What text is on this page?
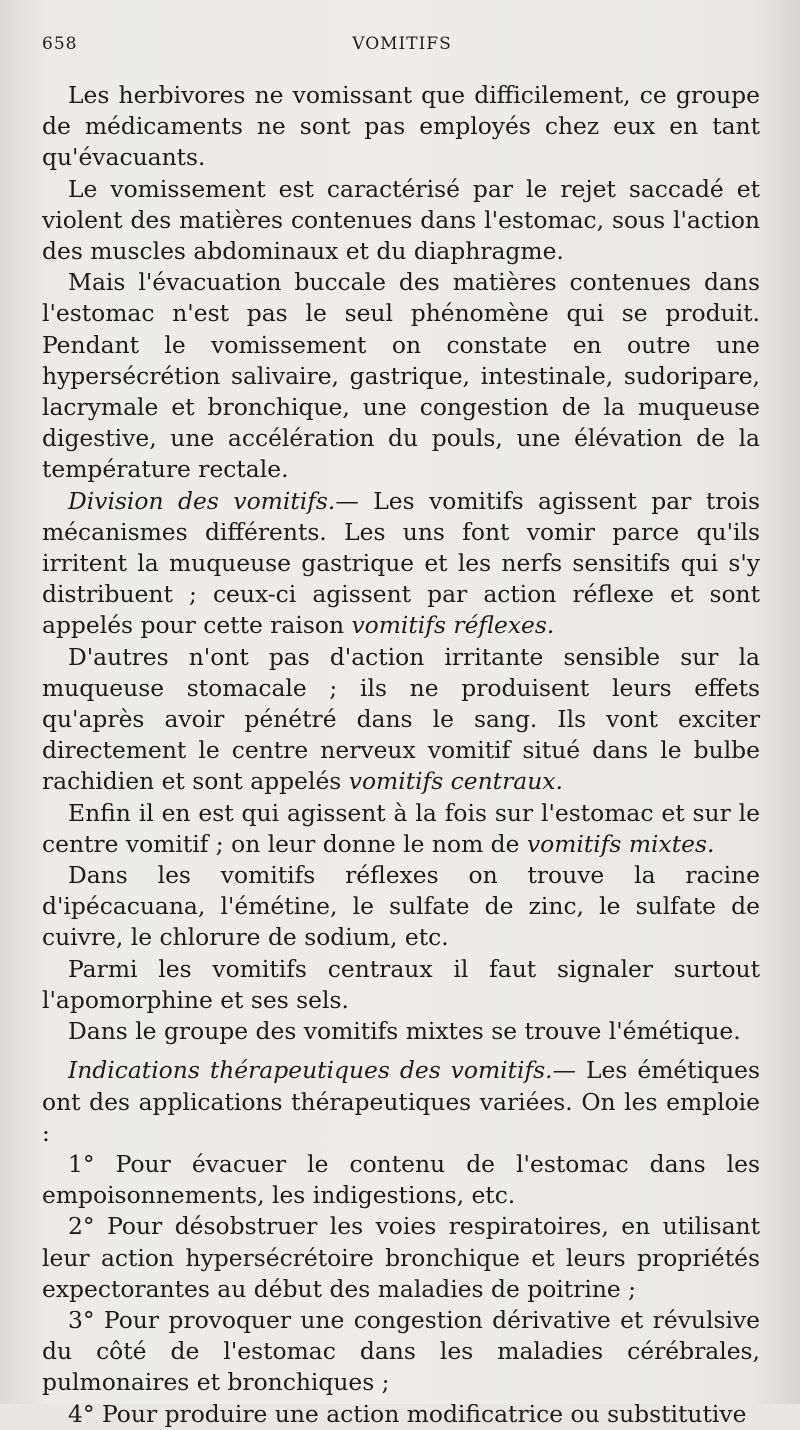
658	VOMITIFS

Les herbivores ne vomissant que difficilement, ce groupe de médicaments ne sont pas employés chez eux en tant qu'évacuants.

Le vomissement est caractérisé par le rejet saccadé et violent des matières contenues dans l'estomac, sous l'action des muscles abdominaux et du diaphragme.

Mais l'évacuation buccale des matières contenues dans l'estomac n'est pas le seul phénomène qui se produit. Pendant le vomissement on constate en outre une hypersécrétion salivaire, gastrique, intestinale, sudoripare, lacrymale et bronchique, une congestion de la muqueuse digestive, une accélération du pouls, une élévation de la température rectale.

Division des vomitifs.— Les vomitifs agissent par trois mécanismes différents. Les uns font vomir parce qu'ils irritent la muqueuse gastrique et les nerfs sensitifs qui s'y distribuent ; ceux-ci agissent par action réflexe et sont appelés pour cette raison vomitifs réflexes.

D'autres n'ont pas d'action irritante sensible sur la muqueuse stomacale ; ils ne produisent leurs effets qu'après avoir pénétré dans le sang. Ils vont exciter directement le centre nerveux vomitif situé dans le bulbe rachidien et sont appelés vomitifs centraux.

Enfin il en est qui agissent à la fois sur l'estomac et sur le centre vomitif ; on leur donne le nom de vomitifs mixtes.

Dans les vomitifs réflexes on trouve la racine d'ipécacuana, l'émétine, le sulfate de zinc, le sulfate de cuivre, le chlorure de sodium, etc.

Parmi les vomitifs centraux il faut signaler surtout l'apomorphine et ses sels.

Dans le groupe des vomitifs mixtes se trouve l'émétique.

Indications thérapeutiques des vomitifs.— Les émétiques ont des applications thérapeutiques variées. On les emploie :

1° Pour évacuer le contenu de l'estomac dans les empoisonnements, les indigestions, etc.

2° Pour désobstruer les voies respiratoires, en utilisant leur action hypersécrétoire bronchique et leurs propriétés expectorantes au début des maladies de poitrine ;

3° Pour provoquer une congestion dérivative et révulsive du côté de l'estomac dans les maladies cérébrales, pulmonaires et bronchiques ;

4° Pour produire une action modificatrice ou substitutive
